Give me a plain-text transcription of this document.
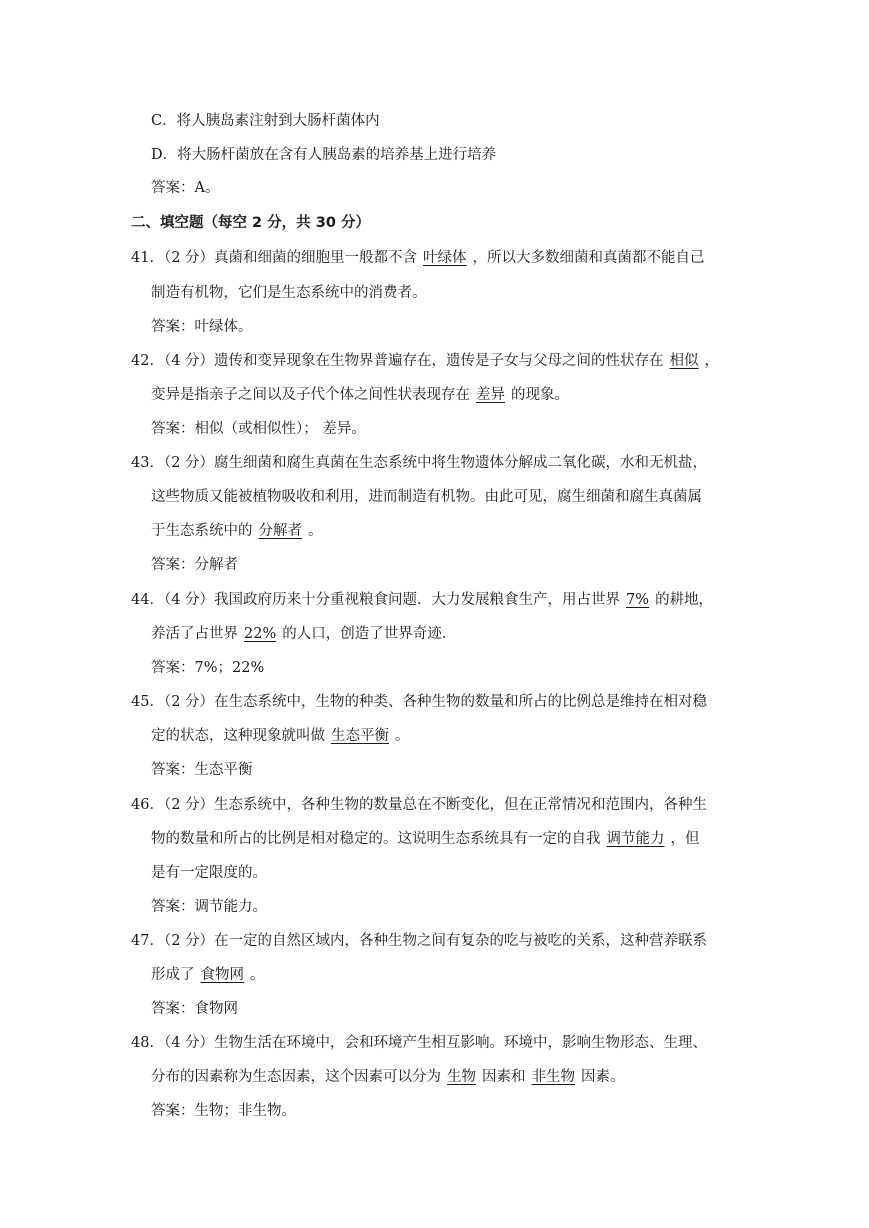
C．将人胰岛素注射到大肠杆菌体内
D．将大肠杆菌放在含有人胰岛素的培养基上进行培养
答案：A。
二、填空题（每空 2 分，共 30 分）
41．（2 分）真菌和细菌的细胞里一般都不含 叶绿体 ，所以大多数细菌和真菌都不能自己
制造有机物，它们是生态系统中的消费者。
答案：叶绿体。
42．（4 分）遗传和变异现象在生物界普遍存在，遗传是子女与父母之间的性状存在 相似 ，
变异是指亲子之间以及子代个体之间性状表现存在 差异 的现象。
答案：相似（或相似性）； 差异。
43．（2 分）腐生细菌和腐生真菌在生态系统中将生物遗体分解成二氧化碳，水和无机盐，
这些物质又能被植物吸收和利用，进而制造有机物。由此可见，腐生细菌和腐生真菌属
于生态系统中的 分解者 。
答案：分解者
44．（4 分）我国政府历来十分重视粮食问题．大力发展粮食生产，用占世界 7% 的耕地，
养活了占世界 22% 的人口，创造了世界奇迹．
答案：7%；22%
45．（2 分）在生态系统中，生物的种类、各种生物的数量和所占的比例总是维持在相对稳
定的状态，这种现象就叫做 生态平衡 。
答案：生态平衡
46．（2 分）生态系统中，各种生物的数量总在不断变化，但在正常情况和范围内，各种生
物的数量和所占的比例是相对稳定的。这说明生态系统具有一定的自我 调节能力 ，但
是有一定限度的。
答案：调节能力。
47．（2 分）在一定的自然区域内，各种生物之间有复杂的吃与被吃的关系，这种营养联系
形成了 食物网 。
答案：食物网
48．（4 分）生物生活在环境中，会和环境产生相互影响。环境中，影响生物形态、生理、
分布的因素称为生态因素，这个因素可以分为 生物 因素和 非生物 因素。
答案：生物；非生物。
